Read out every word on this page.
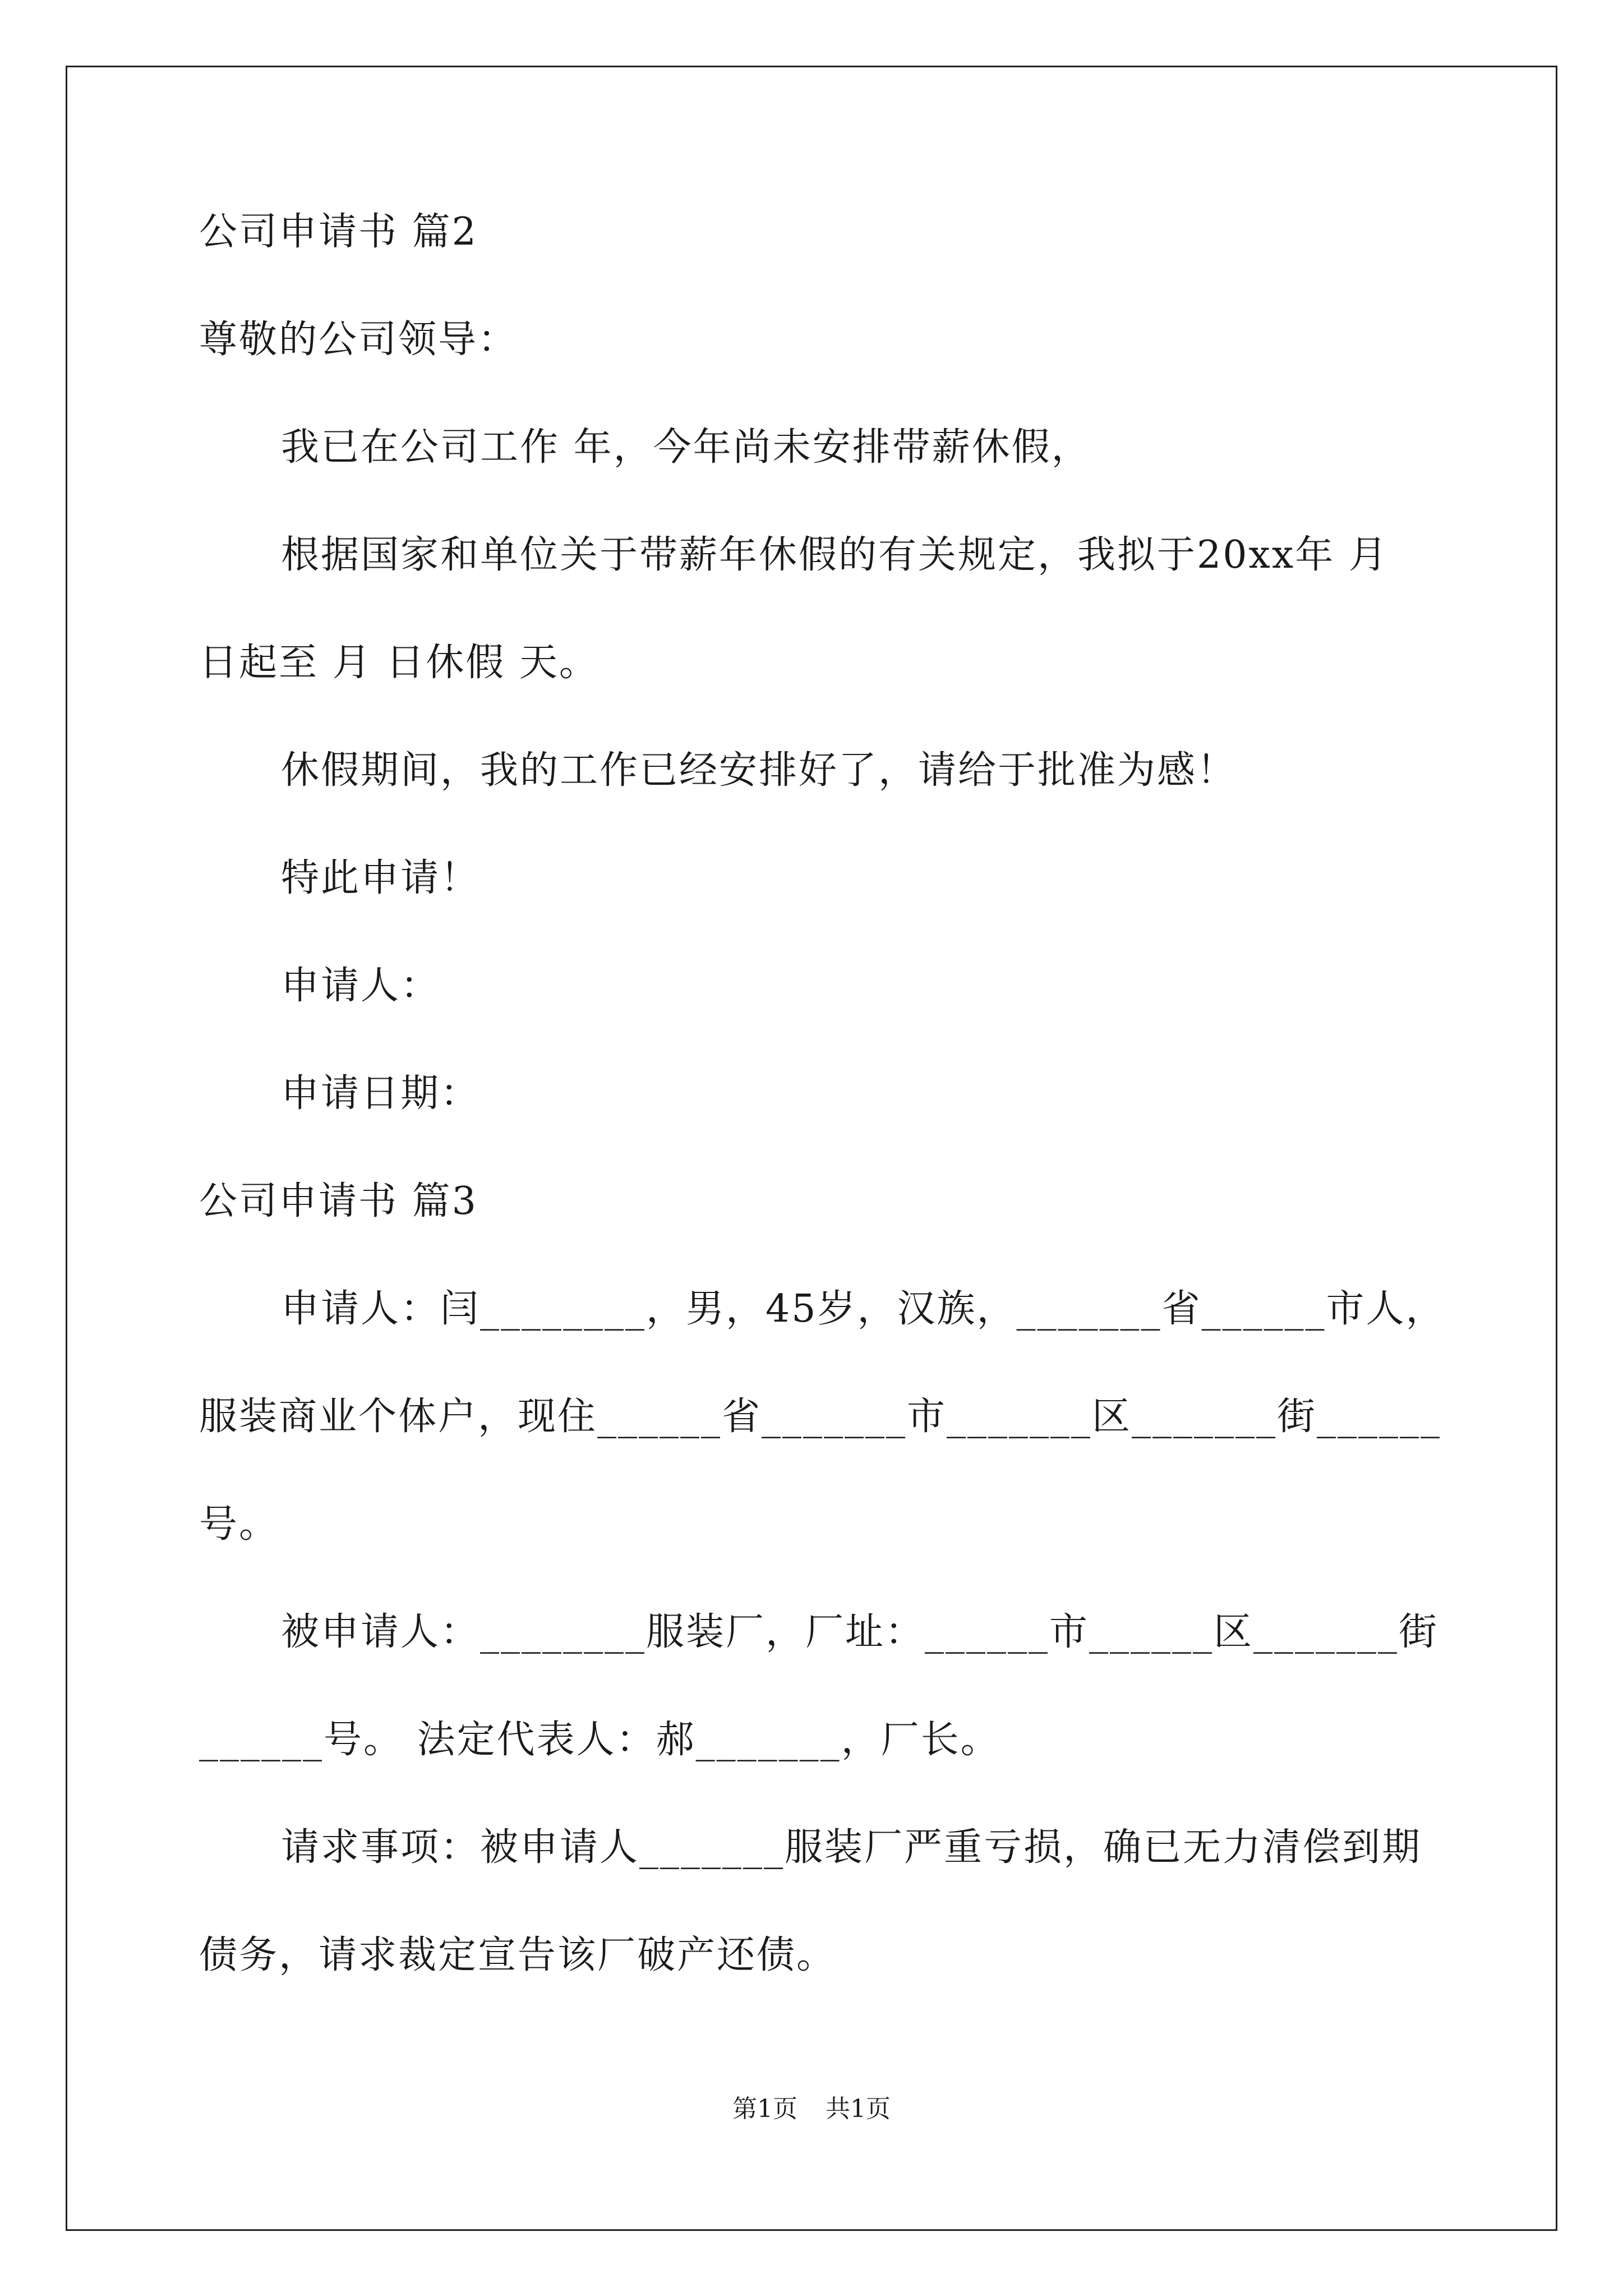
公司申请书 篇2
尊敬的公司领导：
我已在公司工作 年，今年尚未安排带薪休假，
根据国家和单位关于带薪年休假的有关规定，我拟于20xx年 月
日起至 月 日休假 天。
休假期间，我的工作已经安排好了，请给于批准为感！
特此申请！
申请人：
申请日期：
公司申请书 篇3
申请人：闫________，男，45岁，汉族，_______省______市人，
服装商业个体户，现住______省_______市_______区_______街______
号。
被申请人：________服装厂，厂址：______市______区_______街
______号。 法定代表人：郝_______，厂长。
请求事项：被申请人_______服装厂严重亏损，确已无力清偿到期
债务，请求裁定宣告该厂破产还债。
第1页 共1页
